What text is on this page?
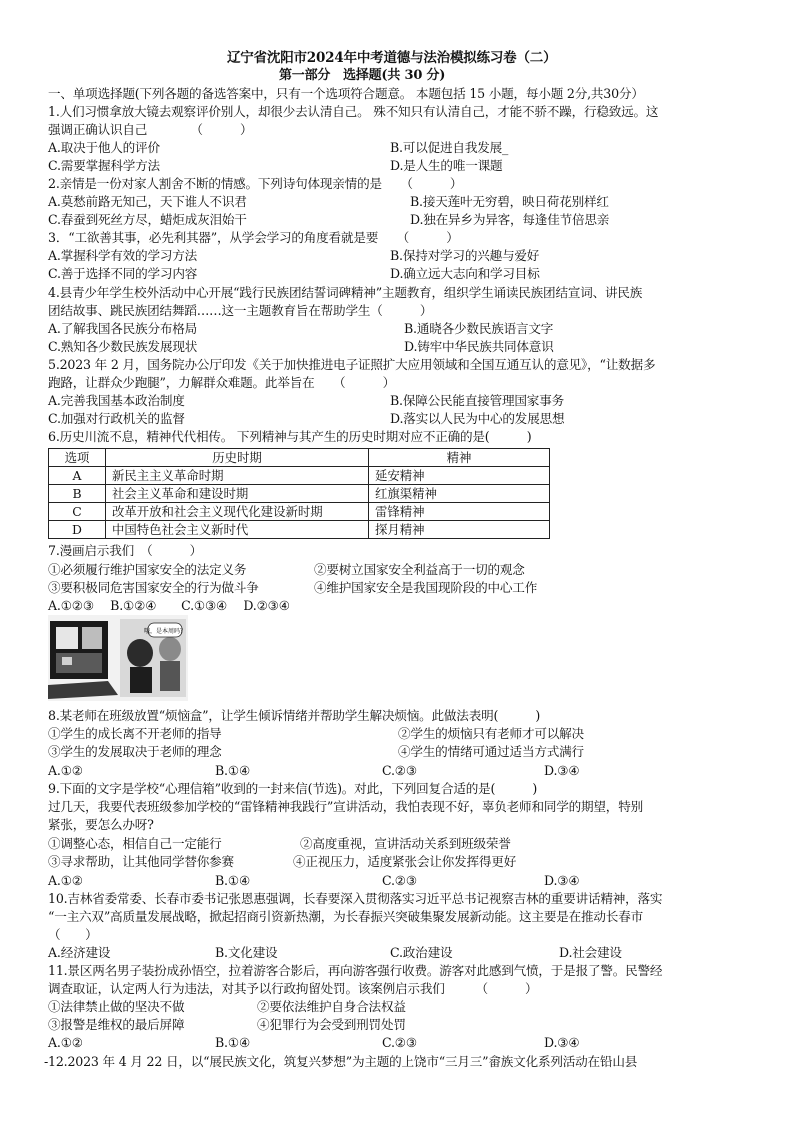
辽宁省沈阳市2024年中考道德与法治模拟练习卷（二）
第一部分　选择题(共 30 分)
一、单项选择题(下列各题的备选答案中，只有一个选项符合题意。 本题包括 15 小题，每小题 2分,共30分）
1.人们习惯拿放大镜去观察评价别人，却很少去认清自己。 殊不知只有认清自己，才能不骄不躁，行稳致远。这
强调正确认识自己　　　　（　　　）
A.取决于他人的评价	B.可以促进自我发展_
C.需要掌握科学方法	D.是人生的唯一课题
2.亲情是一份对家人割舍不断的情感。下列诗句体现亲情的是　　（　　　）
A.莫愁前路无知己，天下谁人不识君	B.接天莲叶无穷碧，映日荷花别样红
C.春蚕到死丝方尽，蜡炬成灰泪始干	D.独在异乡为异客，每逢佳节倍思亲
3．“工欲善其事，必先利其器”，从学会学习的角度看就是要　　（　　　）
A.掌握科学有效的学习方法	B.保持对学习的兴趣与爱好
C.善于选择不同的学习内容	D.确立远大志向和学习目标
4.县青少年学生校外活动中心开展“践行民族团结誓词碑精神”主题教育，组织学生诵读民族团结宣词、讲民族
团结故事、跳民族团结舞蹈……这一主题教育旨在帮助学生（　　　）
A.了解我国各民族分布格局	B.通晓各少数民族语言文字
C.熟知各少数民族发展现状	D.铸牢中华民族共同体意识
5.2023 年 2 月，国务院办公厅印发《关于加快推进电子证照扩大应用领域和全国互通互认的意见》，“让数据多
跑路，让群众少跑腿”，力解群众难题。此举旨在　　（　　　）
A.完善我国基本政治制度	B.保障公民能直接管理国家事务
C.加强对行政机关的监督	D.落实以人民为中心的发展思想
6.历史川流不息，精神代代相传。 下列精神与其产生的历史时期对应不正确的是(　　　)
选项	历史时期	精神
A	新民主主义革命时期	延安精神
B	社会主义革命和建设时期	红旗渠精神
C	改革开放和社会主义现代化建设新时期	雷锋精神
D	中国特色社会主义新时代	探月精神
7.漫画启示我们　（　　　）
①必须履行维护国家安全的法定义务	②要树立国家安全利益高于一切的观念
③要积极同危害国家安全的行为做斗争	④维护国家安全是我国现阶段的中心工作
A.①②③　 B.①②④　　C.①③④　 D.②③④
哦，是本周吗？
8.某老师在班级放置“烦恼盒”，让学生倾诉情绪并帮助学生解决烦恼。此做法表明(　　　)
①学生的成长离不开老师的指导	②学生的烦恼只有老师才可以解决
③学生的发展取决于老师的理念	④学生的情绪可通过适当方式满行
A.①②	B.①④	C.②③	D.③④
9.下面的文字是学校“心理信箱”收到的一封来信(节选)。对此，下列回复合适的是(　　　)
过几天，我要代表班级参加学校的“雷锋精神我践行”宣讲活动，我怕表现不好，辜负老师和同学的期望，特别
紧张，要怎么办呀?
①调整心态，相信自己一定能行	②高度重视，宣讲活动关系到班级荣誉
③寻求帮助，让其他同学替你参赛	④正视压力，适度紧张会让你发挥得更好
A.①②	B.①④	C.②③	D.③④
10.吉林省委常委、长春市委书记张恩惠强调，长春要深入贯彻落实习近平总书记视察吉林的重要讲话精神，落实
“一主六双”高质量发展战略，掀起招商引资新热潮，为长春振兴突破集聚发展新动能。这主要是在推动长春市
（　　）
A.经济建设	B.文化建设	C.政治建设	D.社会建设
11.景区两名男子装扮成孙悟空，拉着游客合影后，再向游客强行收费。游客对此感到气愤，于是报了警。民警经
调查取证，认定两人行为违法，对其予以行政拘留处罚。该案例启示我们　　　（　　　）
①法律禁止做的坚决不做	②要依法维护自身合法权益
③报警是维权的最后屏障	④犯罪行为会受到刑罚处罚
A.①②	B.①④	C.②③	D.③④
-12.2023 年 4 月 22 日，以“展民族文化，筑复兴梦想”为主题的上饶市“三月三”畲族文化系列活动在铅山县
